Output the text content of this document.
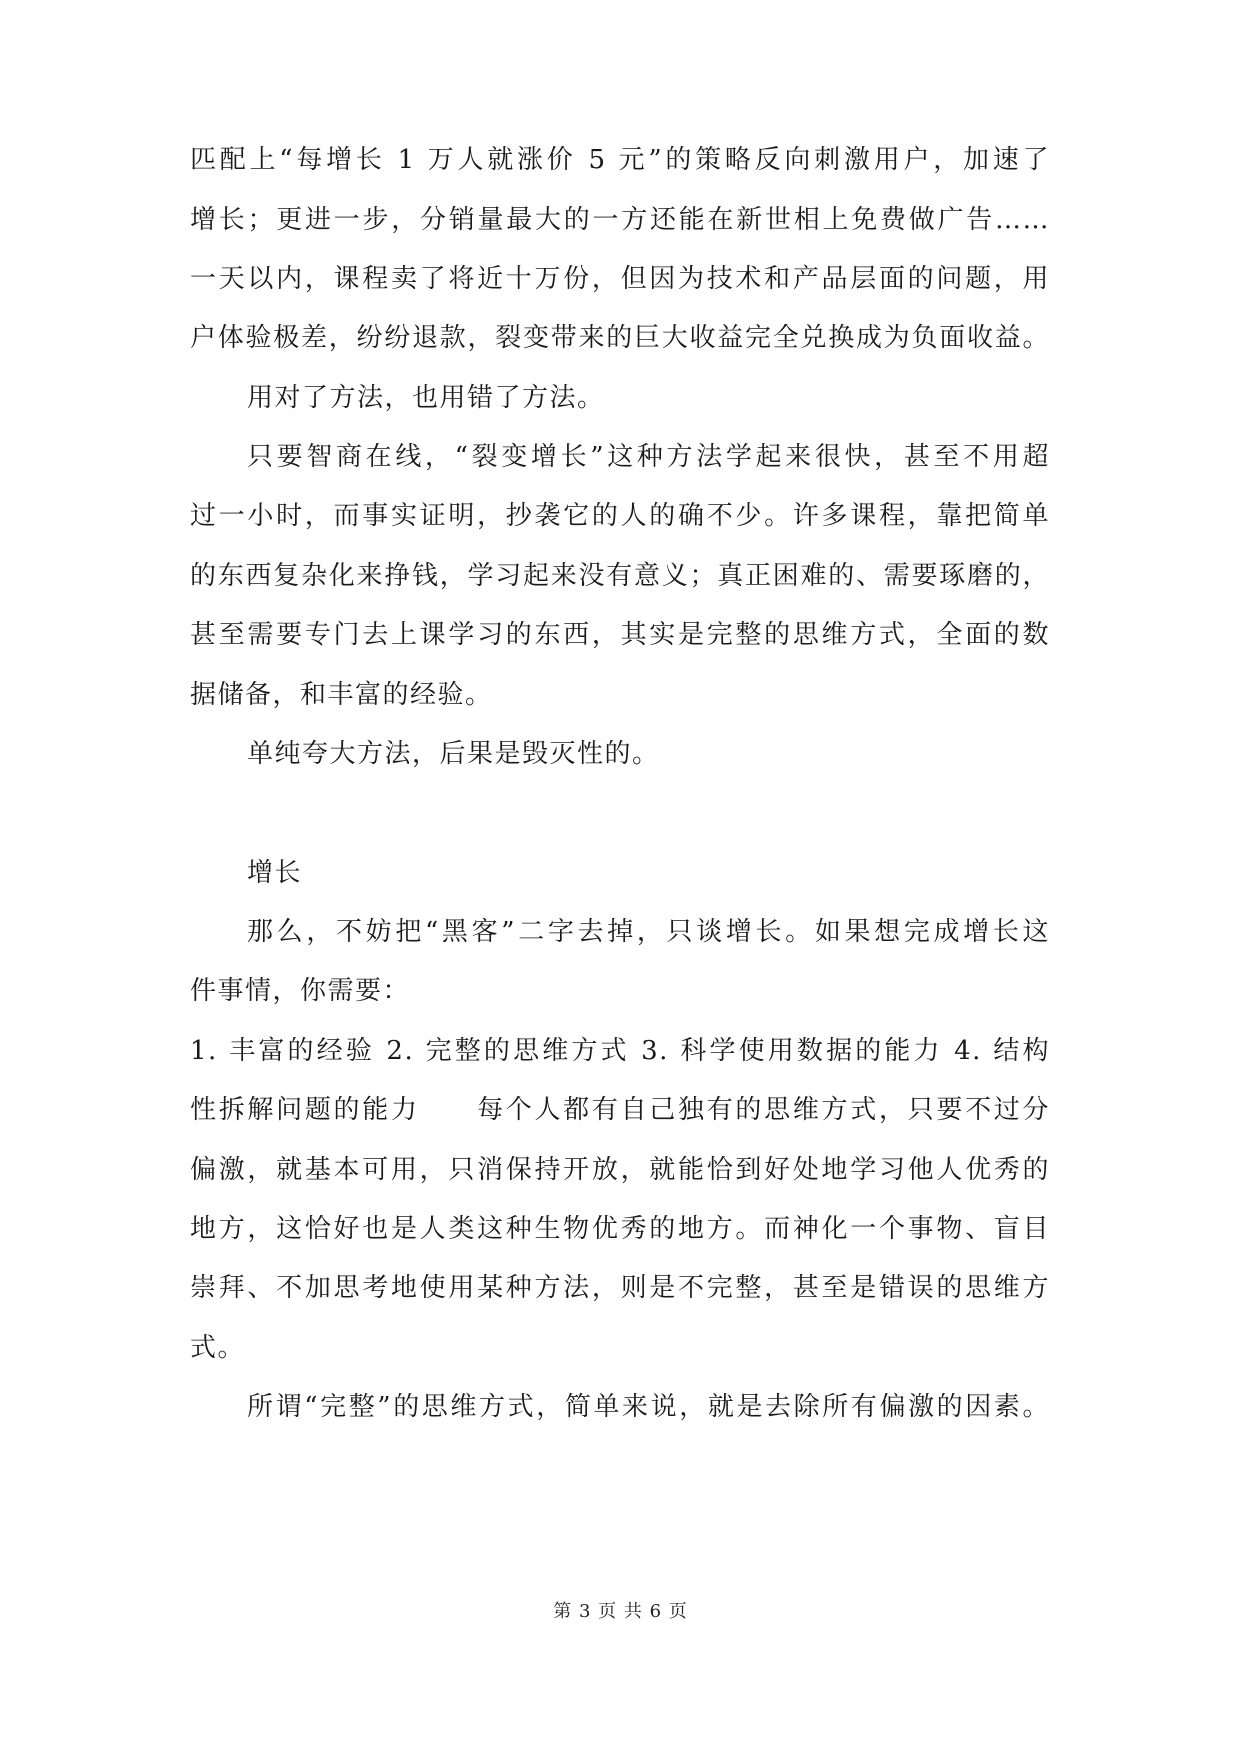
匹配上“每增长 1 万人就涨价 5 元”的策略反向刺激用户，加速了
增长；更进一步，分销量最大的一方还能在新世相上免费做广告……
一天以内，课程卖了将近十万份，但因为技术和产品层面的问题，用
户体验极差，纷纷退款，裂变带来的巨大收益完全兑换成为负面收益。
用对了方法，也用错了方法。
只要智商在线，“裂变增长”这种方法学起来很快，甚至不用超
过一小时，而事实证明，抄袭它的人的确不少。许多课程，靠把简单
的东西复杂化来挣钱，学习起来没有意义；真正困难的、需要琢磨的，
甚至需要专门去上课学习的东西，其实是完整的思维方式，全面的数
据储备，和丰富的经验。
单纯夸大方法，后果是毁灭性的。
增长
那么，不妨把“黑客”二字去掉，只谈增长。如果想完成增长这
件事情，你需要：
1. 丰富的经验 2. 完整的思维方式 3. 科学使用数据的能力 4. 结构
性拆解问题的能力　　每个人都有自己独有的思维方式，只要不过分
偏激，就基本可用，只消保持开放，就能恰到好处地学习他人优秀的
地方，这恰好也是人类这种生物优秀的地方。而神化一个事物、盲目
崇拜、不加思考地使用某种方法，则是不完整，甚至是错误的思维方
式。
所谓“完整”的思维方式，简单来说，就是去除所有偏激的因素。
第 3 页 共 6 页
